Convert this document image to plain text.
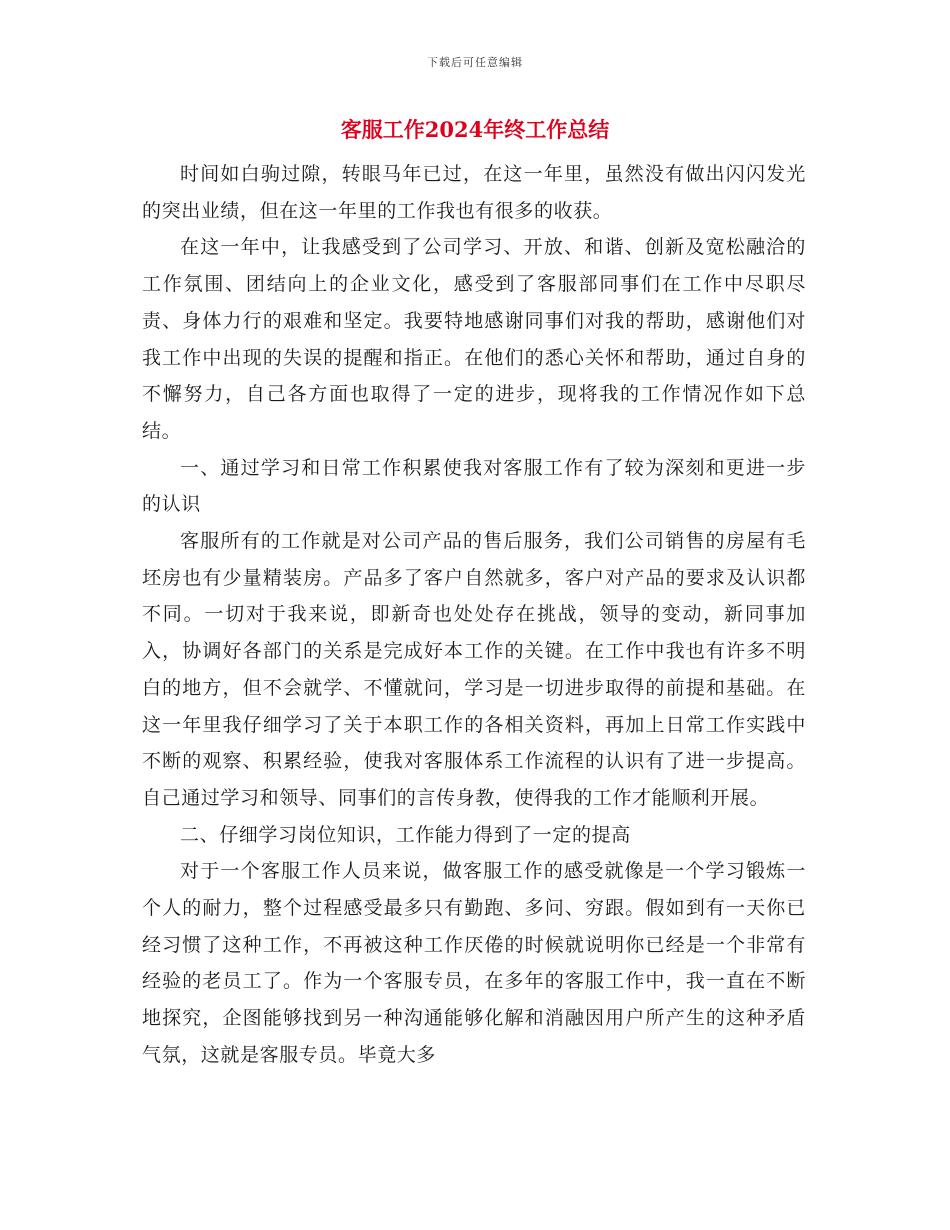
下载后可任意编辑
客服工作2024年终工作总结

时间如白驹过隙，转眼马年已过，在这一年里，虽然没有做出闪闪发光的突出业绩，但在这一年里的工作我也有很多的收获。

在这一年中，让我感受到了公司学习、开放、和谐、创新及宽松融洽的工作氛围、团结向上的企业文化，感受到了客服部同事们在工作中尽职尽责、身体力行的艰难和坚定。我要特地感谢同事们对我的帮助，感谢他们对我工作中出现的失误的提醒和指正。在他们的悉心关怀和帮助，通过自身的不懈努力，自己各方面也取得了一定的进步，现将我的工作情况作如下总结。

一、通过学习和日常工作积累使我对客服工作有了较为深刻和更进一步的认识

客服所有的工作就是对公司产品的售后服务，我们公司销售的房屋有毛坯房也有少量精装房。产品多了客户自然就多，客户对产品的要求及认识都不同。一切对于我来说，即新奇也处处存在挑战，领导的变动，新同事加入，协调好各部门的关系是完成好本工作的关键。在工作中我也有许多不明白的地方，但不会就学、不懂就问，学习是一切进步取得的前提和基础。在这一年里我仔细学习了关于本职工作的各相关资料，再加上日常工作实践中不断的观察、积累经验，使我对客服体系工作流程的认识有了进一步提高。自己通过学习和领导、同事们的言传身教，使得我的工作才能顺利开展。

二、仔细学习岗位知识，工作能力得到了一定的提高

对于一个客服工作人员来说，做客服工作的感受就像是一个学习锻炼一个人的耐力，整个过程感受最多只有勤跑、多问、穷跟。假如到有一天你已经习惯了这种工作，不再被这种工作厌倦的时候就说明你已经是一个非常有经验的老员工了。作为一个客服专员，在多年的客服工作中，我一直在不断地探究，企图能够找到另一种沟通能够化解和消融因用户所产生的这种矛盾气氛，这就是客服专员。毕竟大多
